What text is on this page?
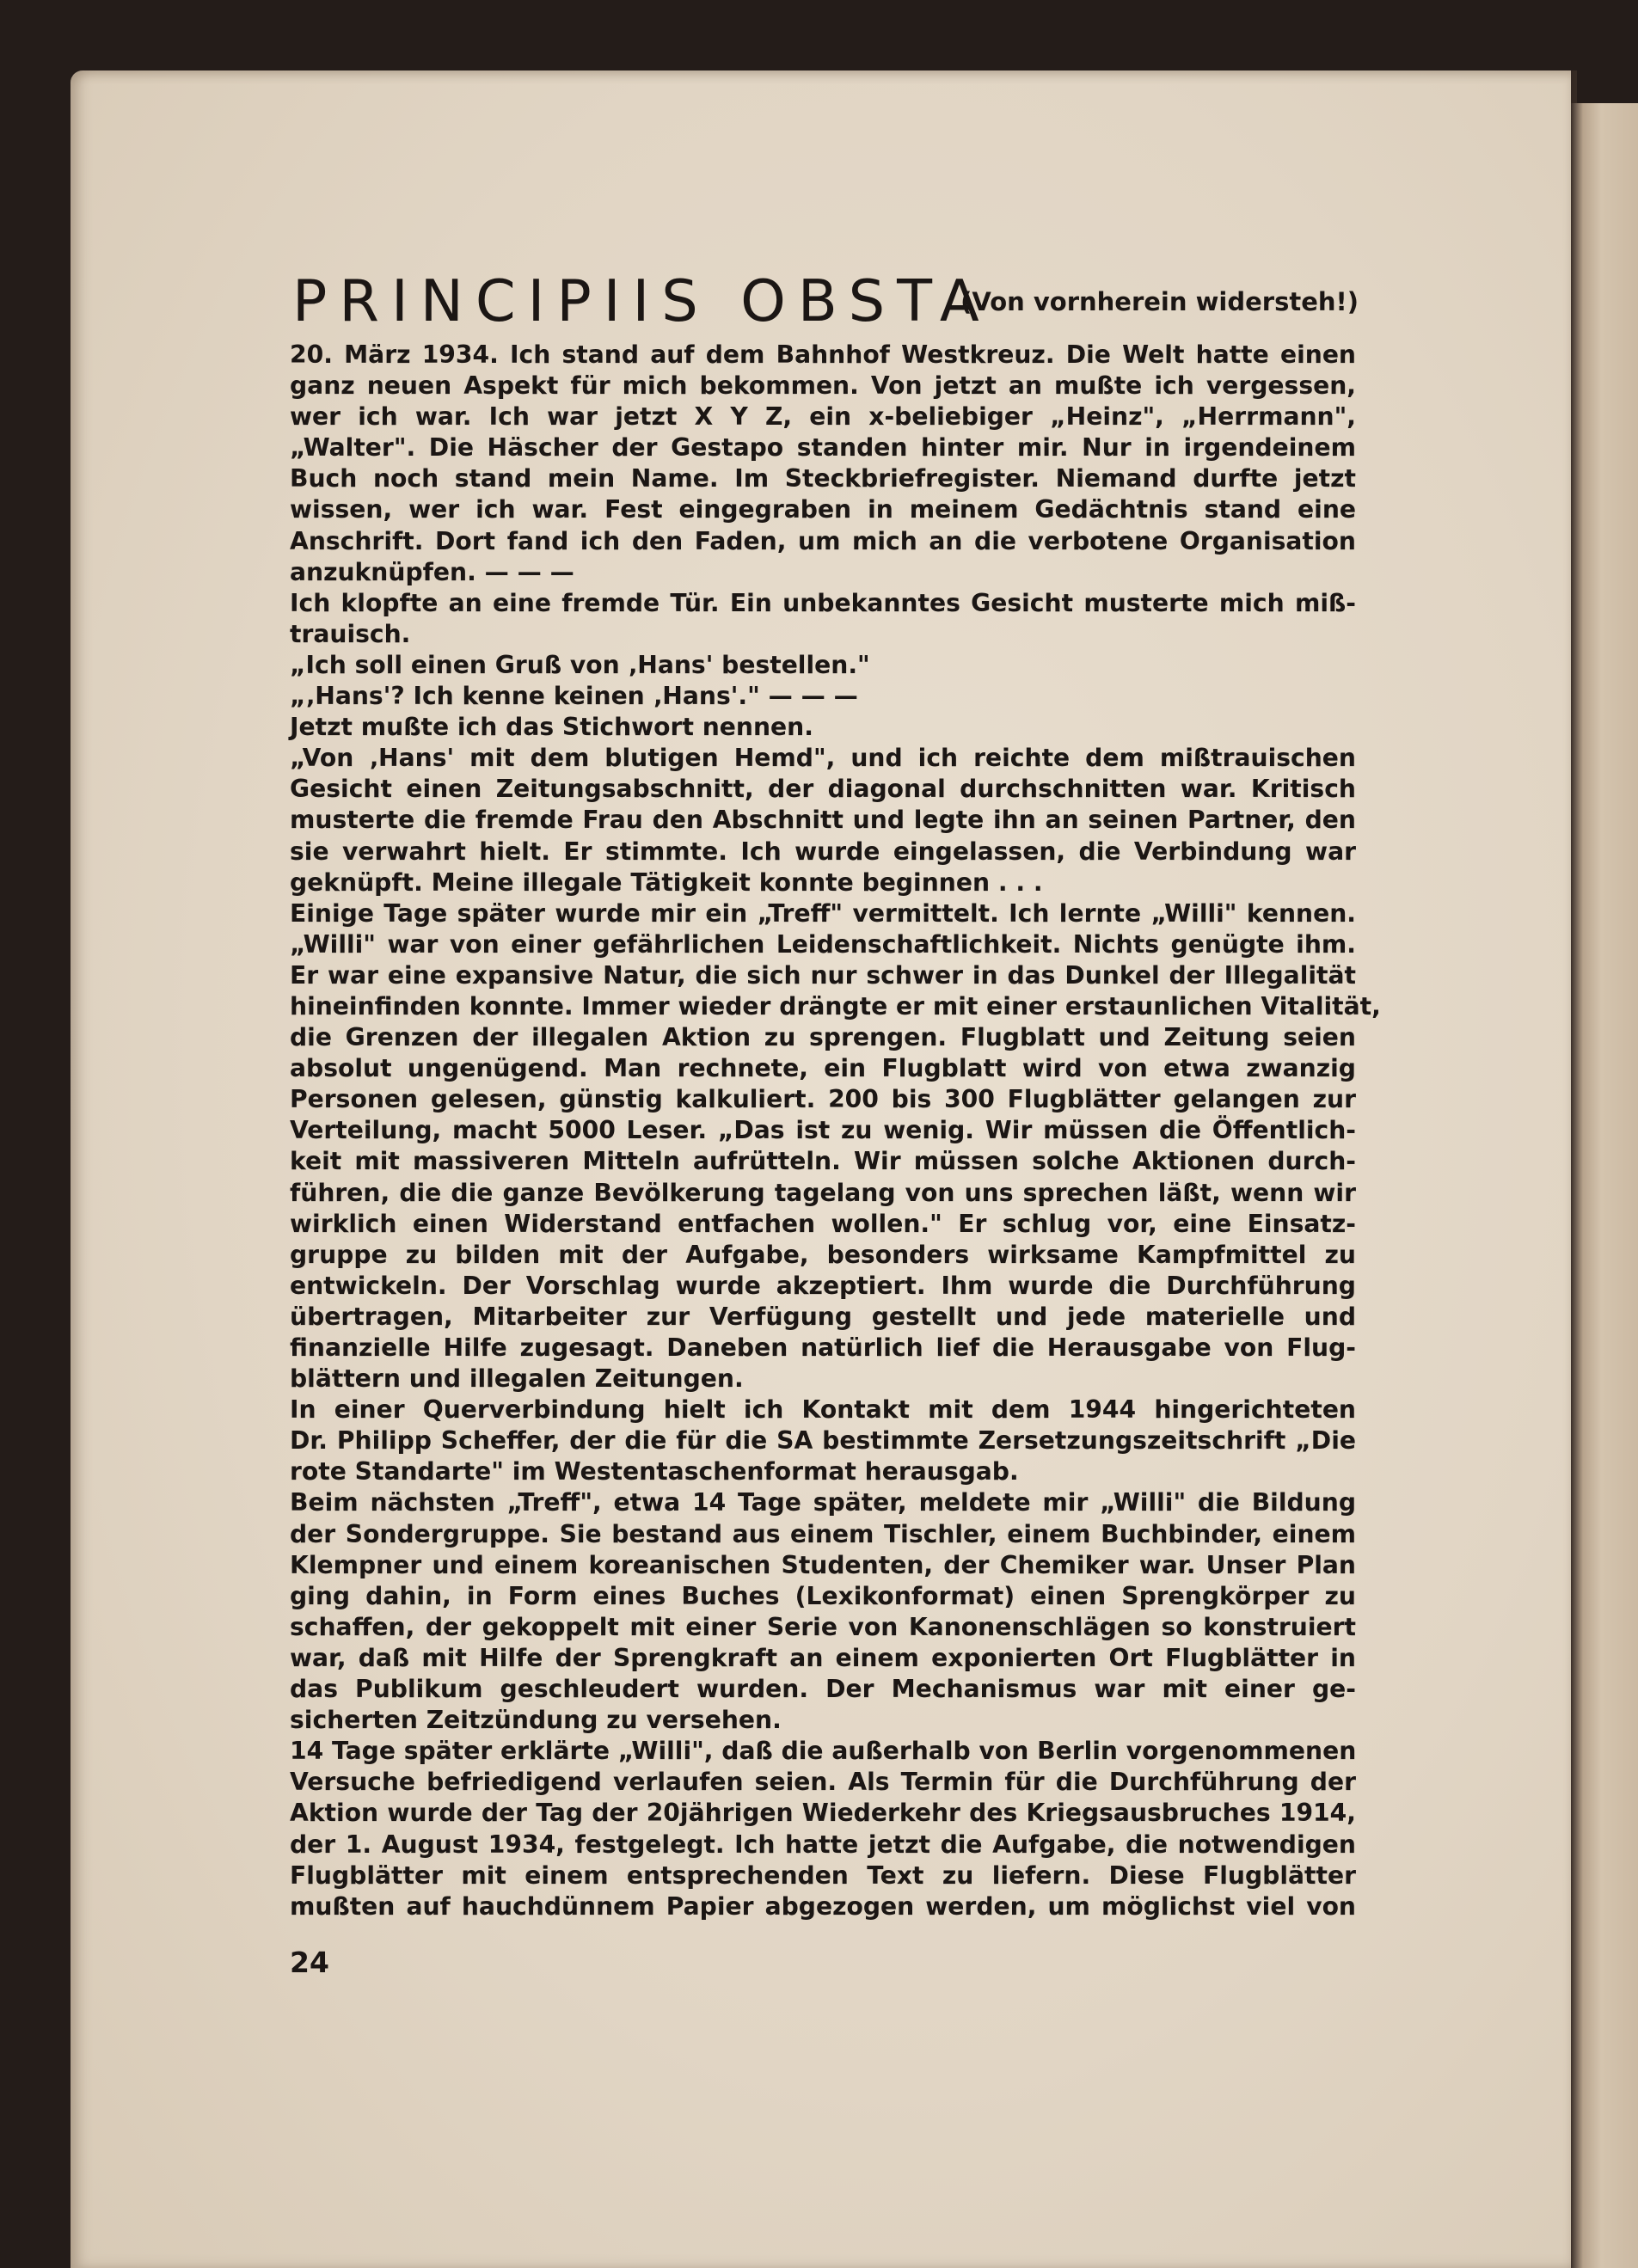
PRINCIPIIS OBSTA
(Von vornherein widersteh!)
20. März 1934. Ich stand auf dem Bahnhof Westkreuz. Die Welt hatte einen
ganz neuen Aspekt für mich bekommen. Von jetzt an mußte ich vergessen,
wer ich war. Ich war jetzt X Y Z, ein x-beliebiger „Heinz", „Herrmann",
„Walter". Die Häscher der Gestapo standen hinter mir. Nur in irgendeinem
Buch noch stand mein Name. Im Steckbriefregister. Niemand durfte jetzt
wissen, wer ich war. Fest eingegraben in meinem Gedächtnis stand eine
Anschrift. Dort fand ich den Faden, um mich an die verbotene Organisation
anzuknüpfen. — — —
Ich klopfte an eine fremde Tür. Ein unbekanntes Gesicht musterte mich miß-
trauisch.
„Ich soll einen Gruß von ‚Hans' bestellen."
„‚Hans'? Ich kenne keinen ‚Hans'." — — —
Jetzt mußte ich das Stichwort nennen.
„Von ‚Hans' mit dem blutigen Hemd", und ich reichte dem mißtrauischen
Gesicht einen Zeitungsabschnitt, der diagonal durchschnitten war. Kritisch
musterte die fremde Frau den Abschnitt und legte ihn an seinen Partner, den
sie verwahrt hielt. Er stimmte. Ich wurde eingelassen, die Verbindung war
geknüpft. Meine illegale Tätigkeit konnte beginnen . . .
Einige Tage später wurde mir ein „Treff" vermittelt. Ich lernte „Willi" kennen.
„Willi" war von einer gefährlichen Leidenschaftlichkeit. Nichts genügte ihm.
Er war eine expansive Natur, die sich nur schwer in das Dunkel der Illegalität
hineinfinden konnte. Immer wieder drängte er mit einer erstaunlichen Vitalität,
die Grenzen der illegalen Aktion zu sprengen. Flugblatt und Zeitung seien
absolut ungenügend. Man rechnete, ein Flugblatt wird von etwa zwanzig
Personen gelesen, günstig kalkuliert. 200 bis 300 Flugblätter gelangen zur
Verteilung, macht 5000 Leser. „Das ist zu wenig. Wir müssen die Öffentlich-
keit mit massiveren Mitteln aufrütteln. Wir müssen solche Aktionen durch-
führen, die die ganze Bevölkerung tagelang von uns sprechen läßt, wenn wir
wirklich einen Widerstand entfachen wollen." Er schlug vor, eine Einsatz-
gruppe zu bilden mit der Aufgabe, besonders wirksame Kampfmittel zu
entwickeln. Der Vorschlag wurde akzeptiert. Ihm wurde die Durchführung
übertragen, Mitarbeiter zur Verfügung gestellt und jede materielle und
finanzielle Hilfe zugesagt. Daneben natürlich lief die Herausgabe von Flug-
blättern und illegalen Zeitungen.
In einer Querverbindung hielt ich Kontakt mit dem 1944 hingerichteten
Dr. Philipp Scheffer, der die für die SA bestimmte Zersetzungszeitschrift „Die
rote Standarte" im Westentaschenformat herausgab.
Beim nächsten „Treff", etwa 14 Tage später, meldete mir „Willi" die Bildung
der Sondergruppe. Sie bestand aus einem Tischler, einem Buchbinder, einem
Klempner und einem koreanischen Studenten, der Chemiker war. Unser Plan
ging dahin, in Form eines Buches (Lexikonformat) einen Sprengkörper zu
schaffen, der gekoppelt mit einer Serie von Kanonenschlägen so konstruiert
war, daß mit Hilfe der Sprengkraft an einem exponierten Ort Flugblätter in
das Publikum geschleudert wurden. Der Mechanismus war mit einer ge-
sicherten Zeitzündung zu versehen.
14 Tage später erklärte „Willi", daß die außerhalb von Berlin vorgenommenen
Versuche befriedigend verlaufen seien. Als Termin für die Durchführung der
Aktion wurde der Tag der 20jährigen Wiederkehr des Kriegsausbruches 1914,
der 1. August 1934, festgelegt. Ich hatte jetzt die Aufgabe, die notwendigen
Flugblätter mit einem entsprechenden Text zu liefern. Diese Flugblätter
mußten auf hauchdünnem Papier abgezogen werden, um möglichst viel von
24
